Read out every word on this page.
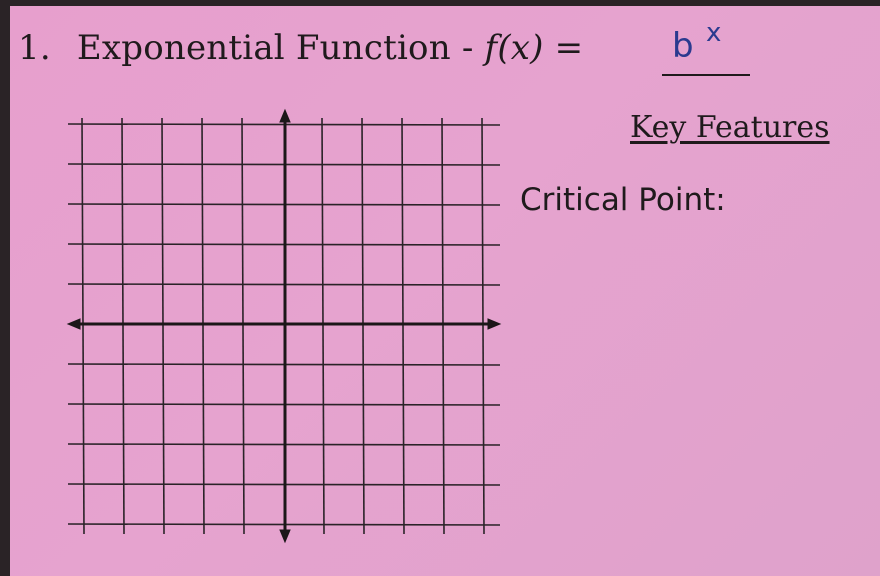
1. Exponential Function - f(x) =	b x
Key Features
Critical Point:
